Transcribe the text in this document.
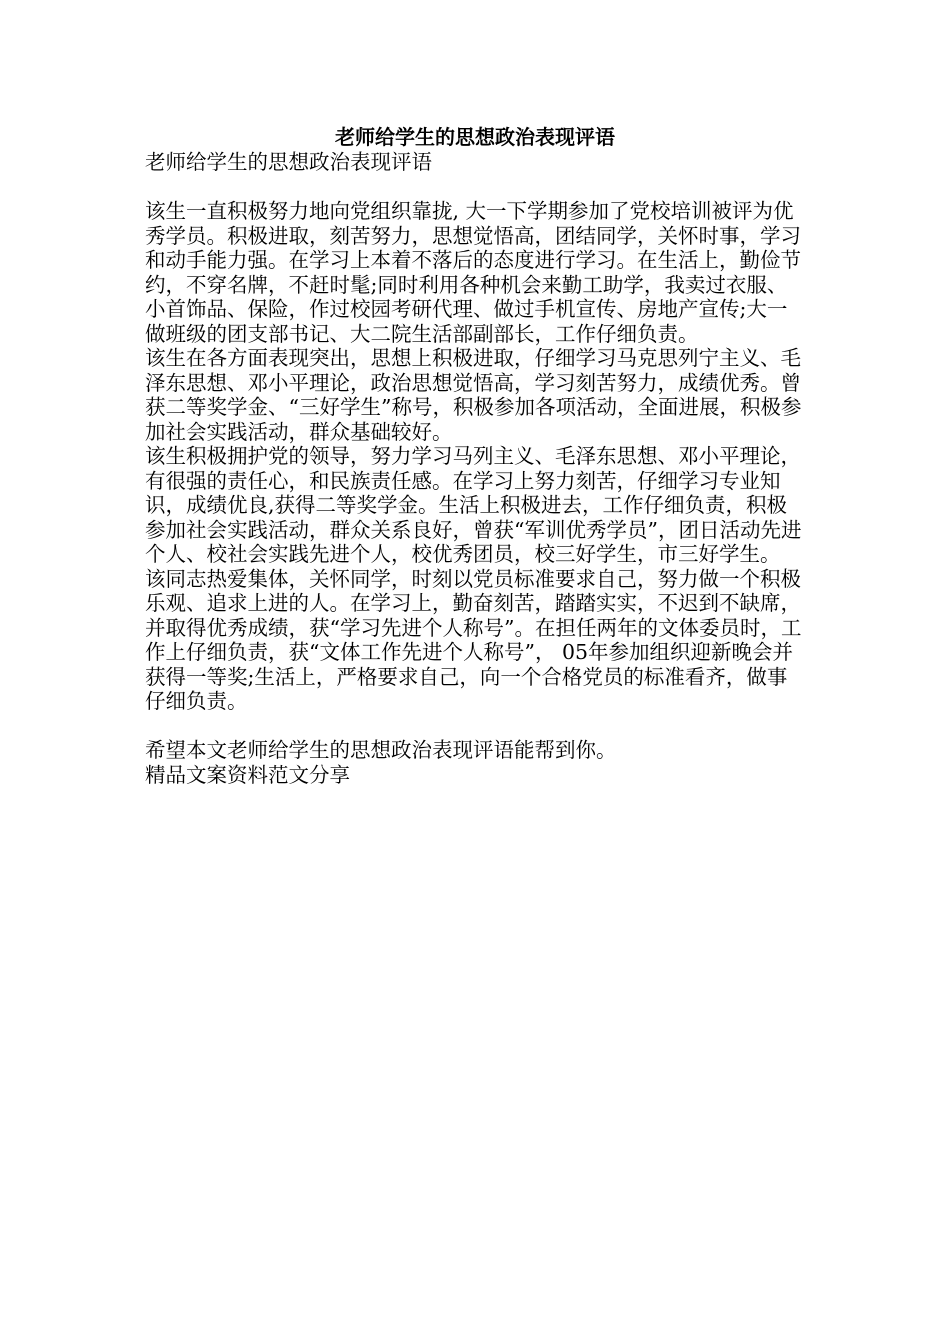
老师给学生的思想政治表现评语

老师给学生的思想政治表现评语

该生一直积极努力地向党组织靠拢, 大一下学期参加了党校培训被评为优秀学员。积极进取，刻苦努力，思想觉悟高，团结同学，关怀时事，学习和动手能力强。在学习上本着不落后的态度进行学习。在生活上，勤俭节约，不穿名牌，不赶时髦;同时利用各种机会来勤工助学，我卖过衣服、小首饰品、保险，作过校园考研代理、做过手机宣传、房地产宣传;大一做班级的团支部书记、大二院生活部副部长，工作仔细负责。

该生在各方面表现突出，思想上积极进取，仔细学习马克思列宁主义、毛泽东思想、邓小平理论，政治思想觉悟高，学习刻苦努力，成绩优秀。曾获二等奖学金、“三好学生”称号，积极参加各项活动，全面进展，积极参加社会实践活动，群众基础较好。

该生积极拥护党的领导，努力学习马列主义、毛泽东思想、邓小平理论，有很强的责任心，和民族责任感。在学习上努力刻苦，仔细学习专业知识，成绩优良,获得二等奖学金。生活上积极进去，工作仔细负责，积极参加社会实践活动，群众关系良好，曾获“军训优秀学员”，团日活动先进个人、校社会实践先进个人，校优秀团员，校三好学生，市三好学生。

该同志热爱集体，关怀同学，时刻以党员标准要求自己，努力做一个积极乐观、追求上进的人。在学习上，勤奋刻苦，踏踏实实，不迟到不缺席，并取得优秀成绩，获“学习先进个人称号”。在担任两年的文体委员时，工作上仔细负责，获“文体工作先进个人称号”， 05年参加组织迎新晚会并获得一等奖;生活上，严格要求自己，向一个合格党员的标准看齐，做事仔细负责。

希望本文老师给学生的思想政治表现评语能帮到你。

精品文案资料范文分享
